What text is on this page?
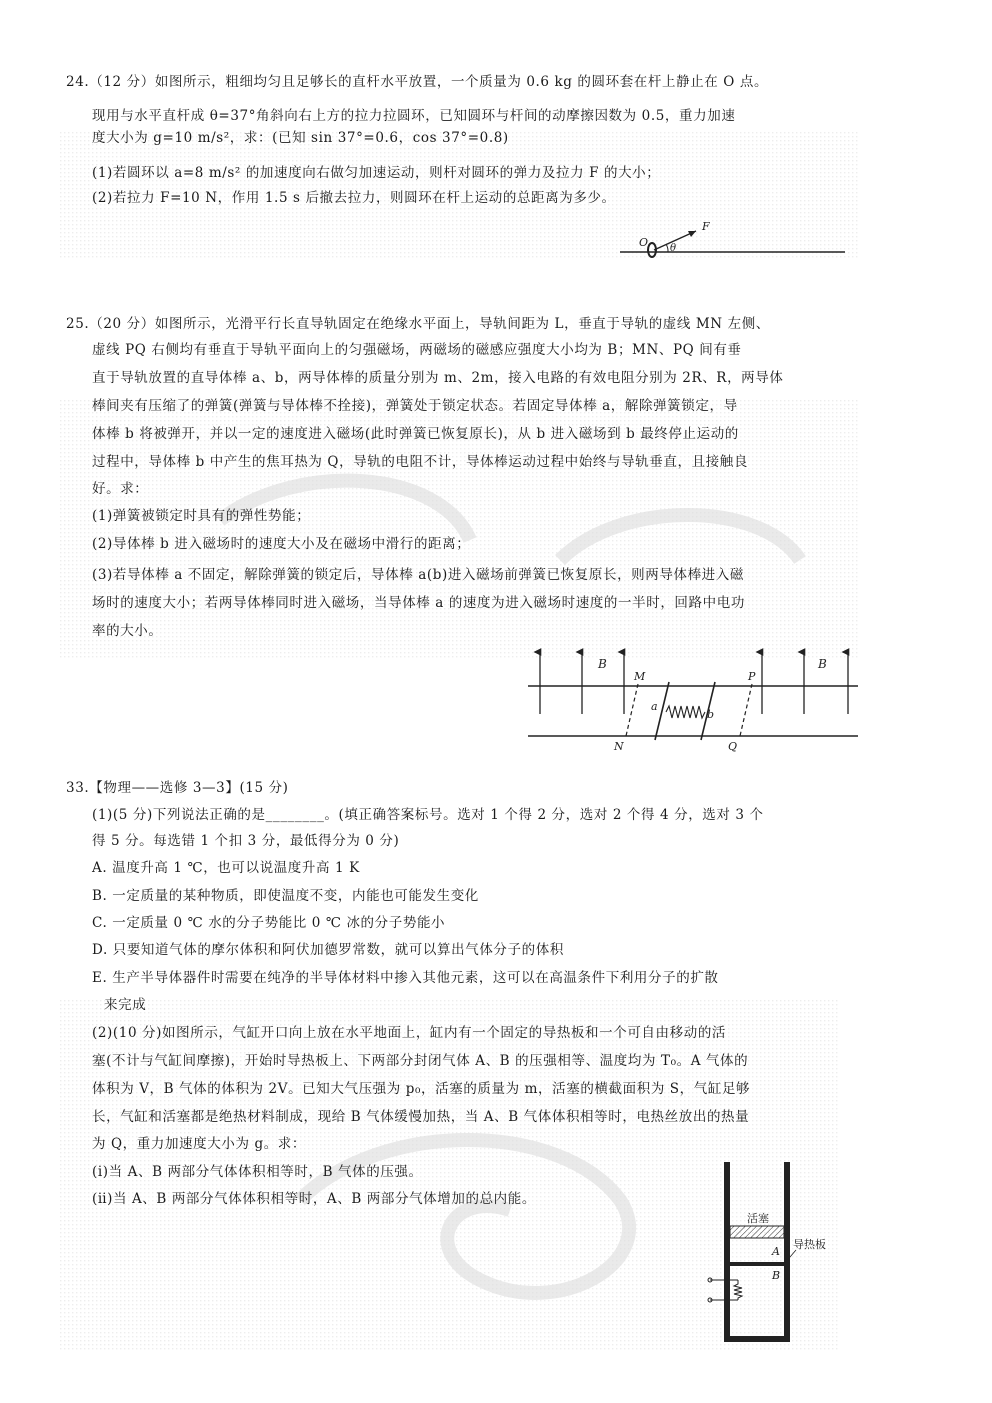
24.（12 分）如图所示，粗细均匀且足够长的直杆水平放置，一个质量为 0.6 kg 的圆环套在杆上静止在 O 点。
现用与水平直杆成 θ=37°角斜向右上方的拉力拉圆环，已知圆环与杆间的动摩擦因数为 0.5，重力加速
度大小为 g=10 m/s²，求：(已知 sin 37°=0.6，cos 37°=0.8)
(1)若圆环以 a=8 m/s² 的加速度向右做匀加速运动，则杆对圆环的弹力及拉力 F 的大小；
(2)若拉力 F=10 N，作用 1.5 s 后撤去拉力，则圆环在杆上运动的总距离为多少。
O θ
F
25.（20 分）如图所示，光滑平行长直导轨固定在绝缘水平面上，导轨间距为 L，垂直于导轨的虚线 MN 左侧、
虚线 PQ 右侧均有垂直于导轨平面向上的匀强磁场，两磁场的磁感应强度大小均为 B；MN、PQ 间有垂
直于导轨放置的直导体棒 a、b，两导体棒的质量分别为 m、2m，接入电路的有效电阻分别为 2R、R，两导体
棒间夹有压缩了的弹簧(弹簧与导体棒不拴接)，弹簧处于锁定状态。若固定导体棒 a，解除弹簧锁定，导
体棒 b 将被弹开，并以一定的速度进入磁场(此时弹簧已恢复原长)，从 b 进入磁场到 b 最终停止运动的
过程中，导体棒 b 中产生的焦耳热为 Q，导轨的电阻不计，导体棒运动过程中始终与导轨垂直，且接触良
好。求：
(1)弹簧被锁定时具有的弹性势能；
(2)导体棒 b 进入磁场时的速度大小及在磁场中滑行的距离；
(3)若导体棒 a 不固定，解除弹簧的锁定后，导体棒 a(b)进入磁场前弹簧已恢复原长，则两导体棒进入磁
场时的速度大小；若两导体棒同时进入磁场，当导体棒 a 的速度为进入磁场时速度的一半时，回路中电功
率的大小。
B	B
M	P
N	Q
a
b
33.【物理——选修 3—3】(15 分)
(1)(5 分)下列说法正确的是________。(填正确答案标号。选对 1 个得 2 分，选对 2 个得 4 分，选对 3 个
得 5 分。每选错 1 个扣 3 分，最低得分为 0 分)
A. 温度升高 1 ℃，也可以说温度升高 1 K
B. 一定质量的某种物质，即使温度不变，内能也可能发生变化
C. 一定质量 0 ℃ 水的分子势能比 0 ℃ 冰的分子势能小
D. 只要知道气体的摩尔体积和阿伏加德罗常数，就可以算出气体分子的体积
E. 生产半导体器件时需要在纯净的半导体材料中掺入其他元素，这可以在高温条件下利用分子的扩散
来完成
(2)(10 分)如图所示，气缸开口向上放在水平地面上，缸内有一个固定的导热板和一个可自由移动的活
塞(不计与气缸间摩擦)，开始时导热板上、下两部分封闭气体 A、B 的压强相等、温度均为 T₀。A 气体的
体积为 V，B 气体的体积为 2V。已知大气压强为 p₀，活塞的质量为 m，活塞的横截面积为 S，气缸足够
长，气缸和活塞都是绝热材料制成，现给 B 气体缓慢加热，当 A、B 气体体积相等时，电热丝放出的热量
为 Q，重力加速度大小为 g。求：
(ⅰ)当 A、B 两部分气体体积相等时，B 气体的压强。
(ⅱ)当 A、B 两部分气体体积相等时，A、B 两部分气体增加的总内能。
活塞
导热板
A
B
